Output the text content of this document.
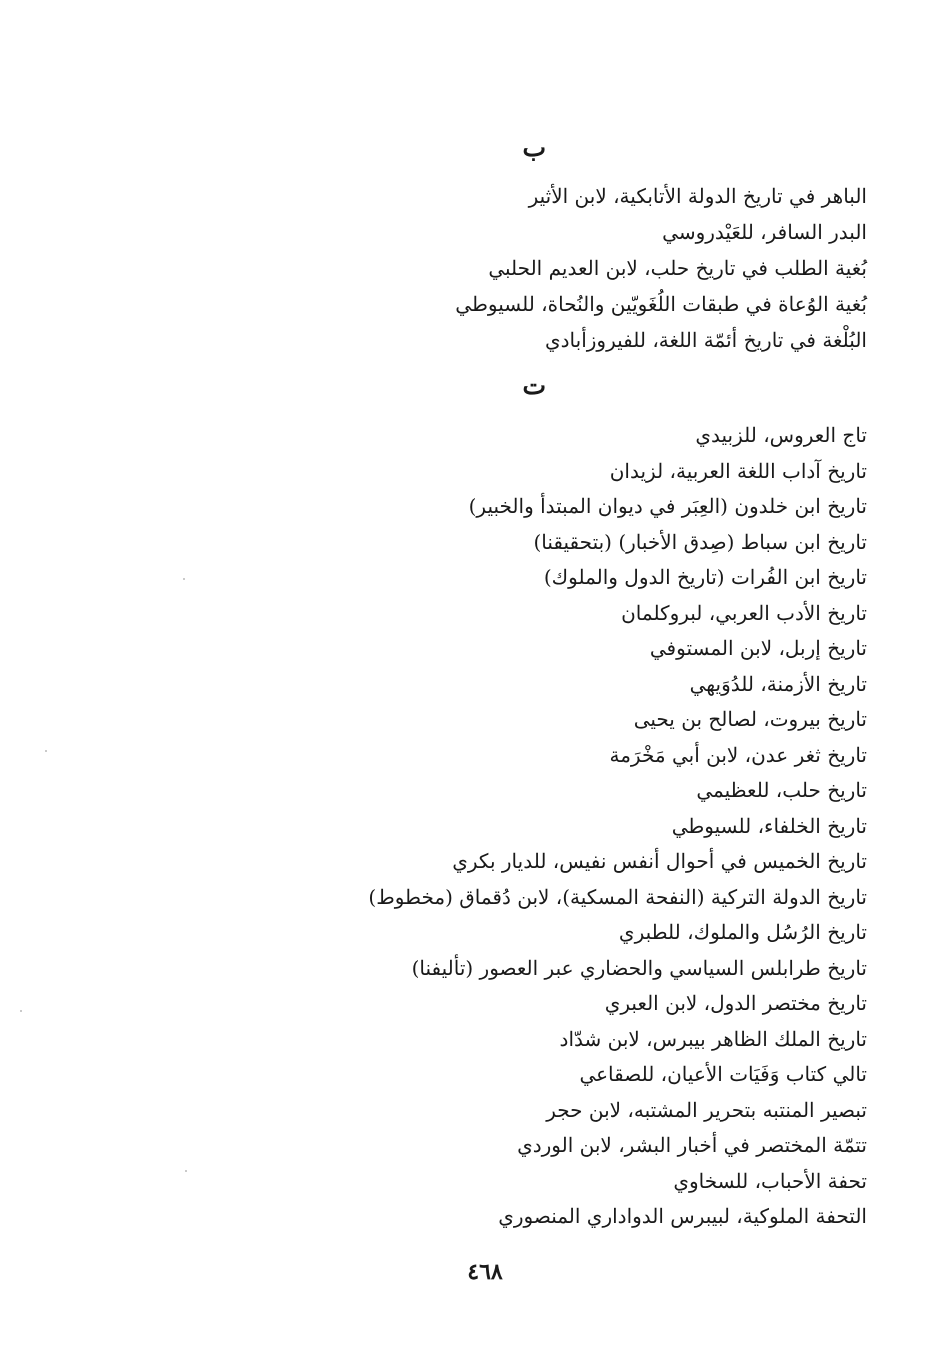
ب
الباهر في تاريخ الدولة الأتابكية، لابن الأثير
البدر السافر، للعَيْدروسي
بُغية الطلب في تاريخ حلب، لابن العديم الحلبي
بُغية الوُعاة في طبقات اللُغَويّين والنُحاة، للسيوطي
البُلْغة في تاريخ أئمّة اللغة، للفيروزأبادي
ت
تاج العروس، للزبيدي
تاريخ آداب اللغة العربية، لزيدان
تاريخ ابن خلدون (العِبَر في ديوان المبتدأ والخبير)
تاريخ ابن سباط (صِدق الأخبار) (بتحقيقنا)
تاريخ ابن الفُرات (تاريخ الدول والملوك)
تاريخ الأدب العربي، لبروكلمان
تاريخ إربل، لابن المستوفي
تاريخ الأزمنة، للدُوَيهي
تاريخ بيروت، لصالح بن يحيى
تاريخ ثغر عدن، لابن أبي مَخْرَمة
تاريخ حلب، للعظيمي
تاريخ الخلفاء، للسيوطي
تاريخ الخميس في أحوال أنفس نفيس، للديار بكري
تاريخ الدولة التركية (النفحة المسكية)، لابن دُقماق (مخطوط)
تاريخ الرُسُل والملوك، للطبري
تاريخ طرابلس السياسي والحضاري عبر العصور (تأليفنا)
تاريخ مختصر الدول، لابن العبري
تاريخ الملك الظاهر بيبرس، لابن شدّاد
تالي كتاب وَفَيَات الأعيان، للصقاعي
تبصير المنتبه بتحرير المشتبه، لابن حجر
تتمّة المختصر في أخبار البشر، لابن الوردي
تحفة الأحباب، للسخاوي
التحفة الملوكية، لبيبرس الدواداري المنصوري
٤٦٨
